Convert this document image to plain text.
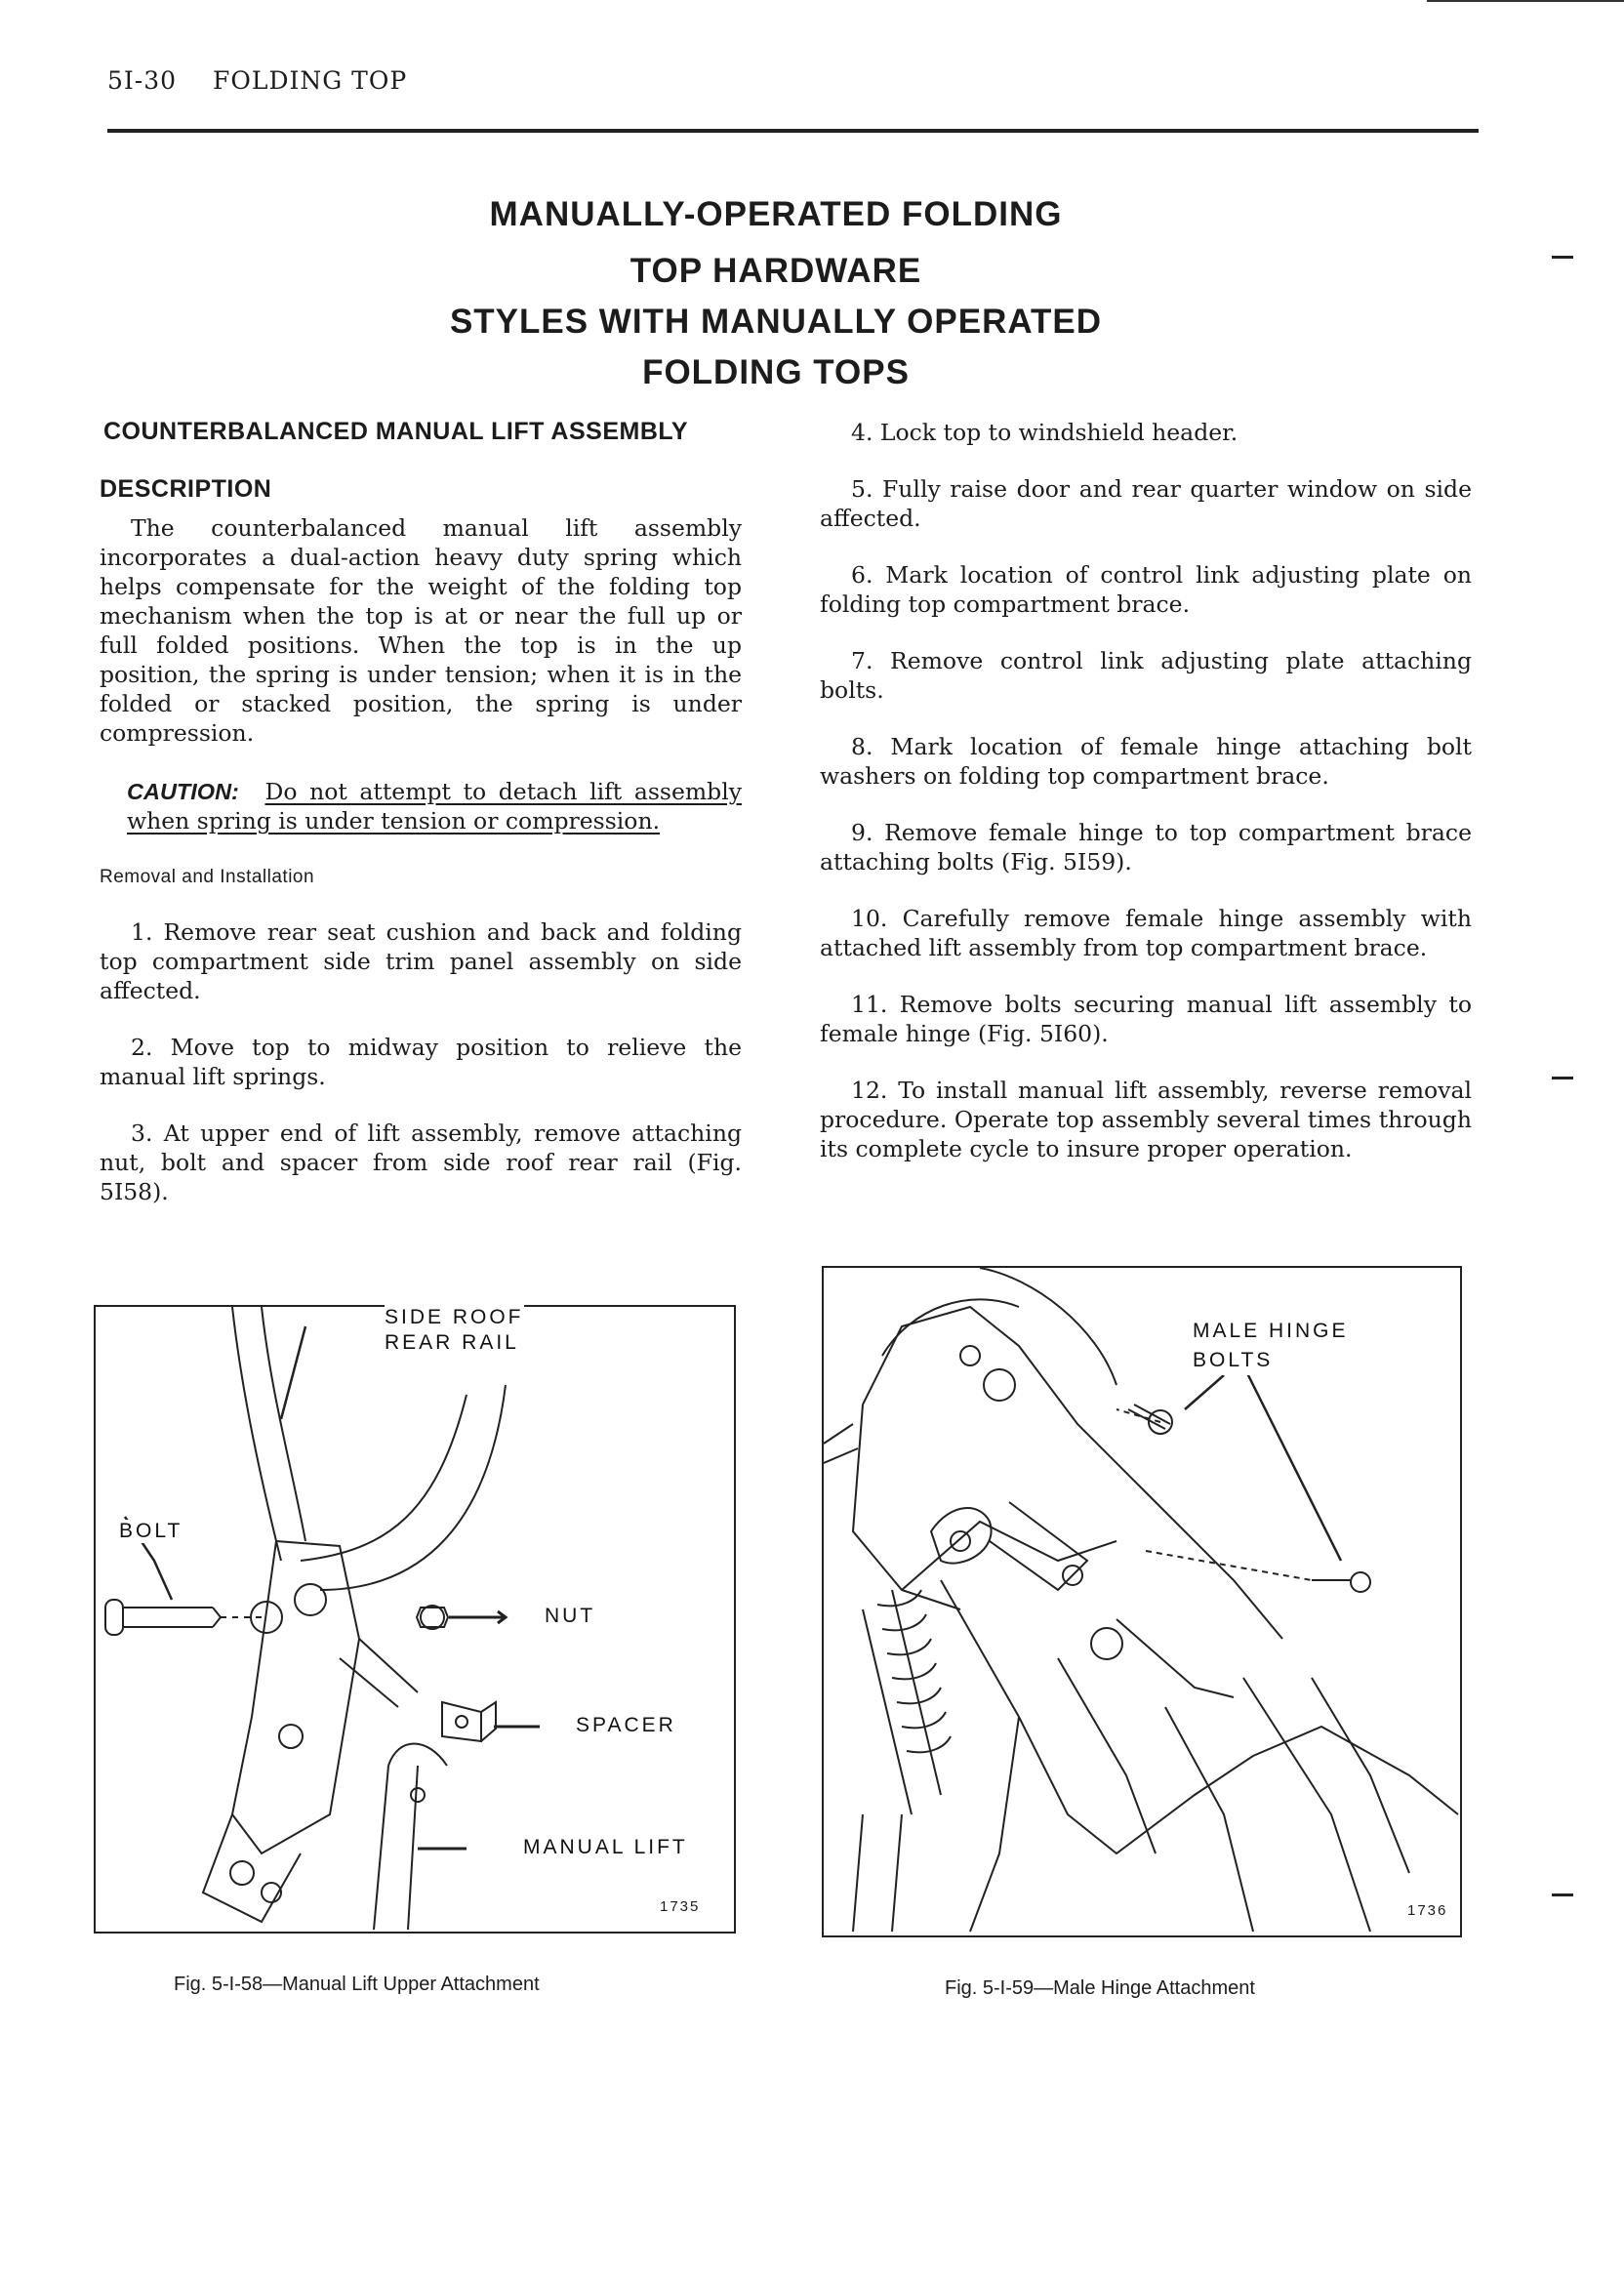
5I-30 FOLDING TOP
MANUALLY-OPERATED FOLDING
TOP HARDWARE
STYLES WITH MANUALLY OPERATED
FOLDING TOPS
COUNTERBALANCED MANUAL LIFT ASSEMBLY
DESCRIPTION

The counterbalanced manual lift assembly incorporates a dual-action heavy duty spring which helps compensate for the weight of the folding top mechanism when the top is at or near the full up or full folded positions. When the top is in the up position, the spring is under tension; when it is in the folded or stacked position, the spring is under compression.

CAUTION: Do not attempt to detach lift assembly when spring is under tension or compression.

Removal and Installation

1. Remove rear seat cushion and back and folding top compartment side trim panel assembly on side affected.

2. Move top to midway position to relieve the manual lift springs.

3. At upper end of lift assembly, remove attaching nut, bolt and spacer from side roof rear rail (Fig. 5I58).

4. Lock top to windshield header.

5. Fully raise door and rear quarter window on side affected.

6. Mark location of control link adjusting plate on folding top compartment brace.

7. Remove control link adjusting plate attaching bolts.

8. Mark location of female hinge attaching bolt washers on folding top compartment brace.

9. Remove female hinge to top compartment brace attaching bolts (Fig. 5I59).

10. Carefully remove female hinge assembly with attached lift assembly from top compartment brace.

11. Remove bolts securing manual lift assembly to female hinge (Fig. 5I60).

12. To install manual lift assembly, reverse removal procedure. Operate top assembly several times through its complete cycle to insure proper operation.

SIDE ROOF
REAR RAIL
BOLT
NUT
SPACER
MANUAL LIFT
1735
Fig. 5-I-58—Manual Lift Upper Attachment
MALE HINGE
BOLTS
1736
Fig. 5-I-59—Male Hinge Attachment
